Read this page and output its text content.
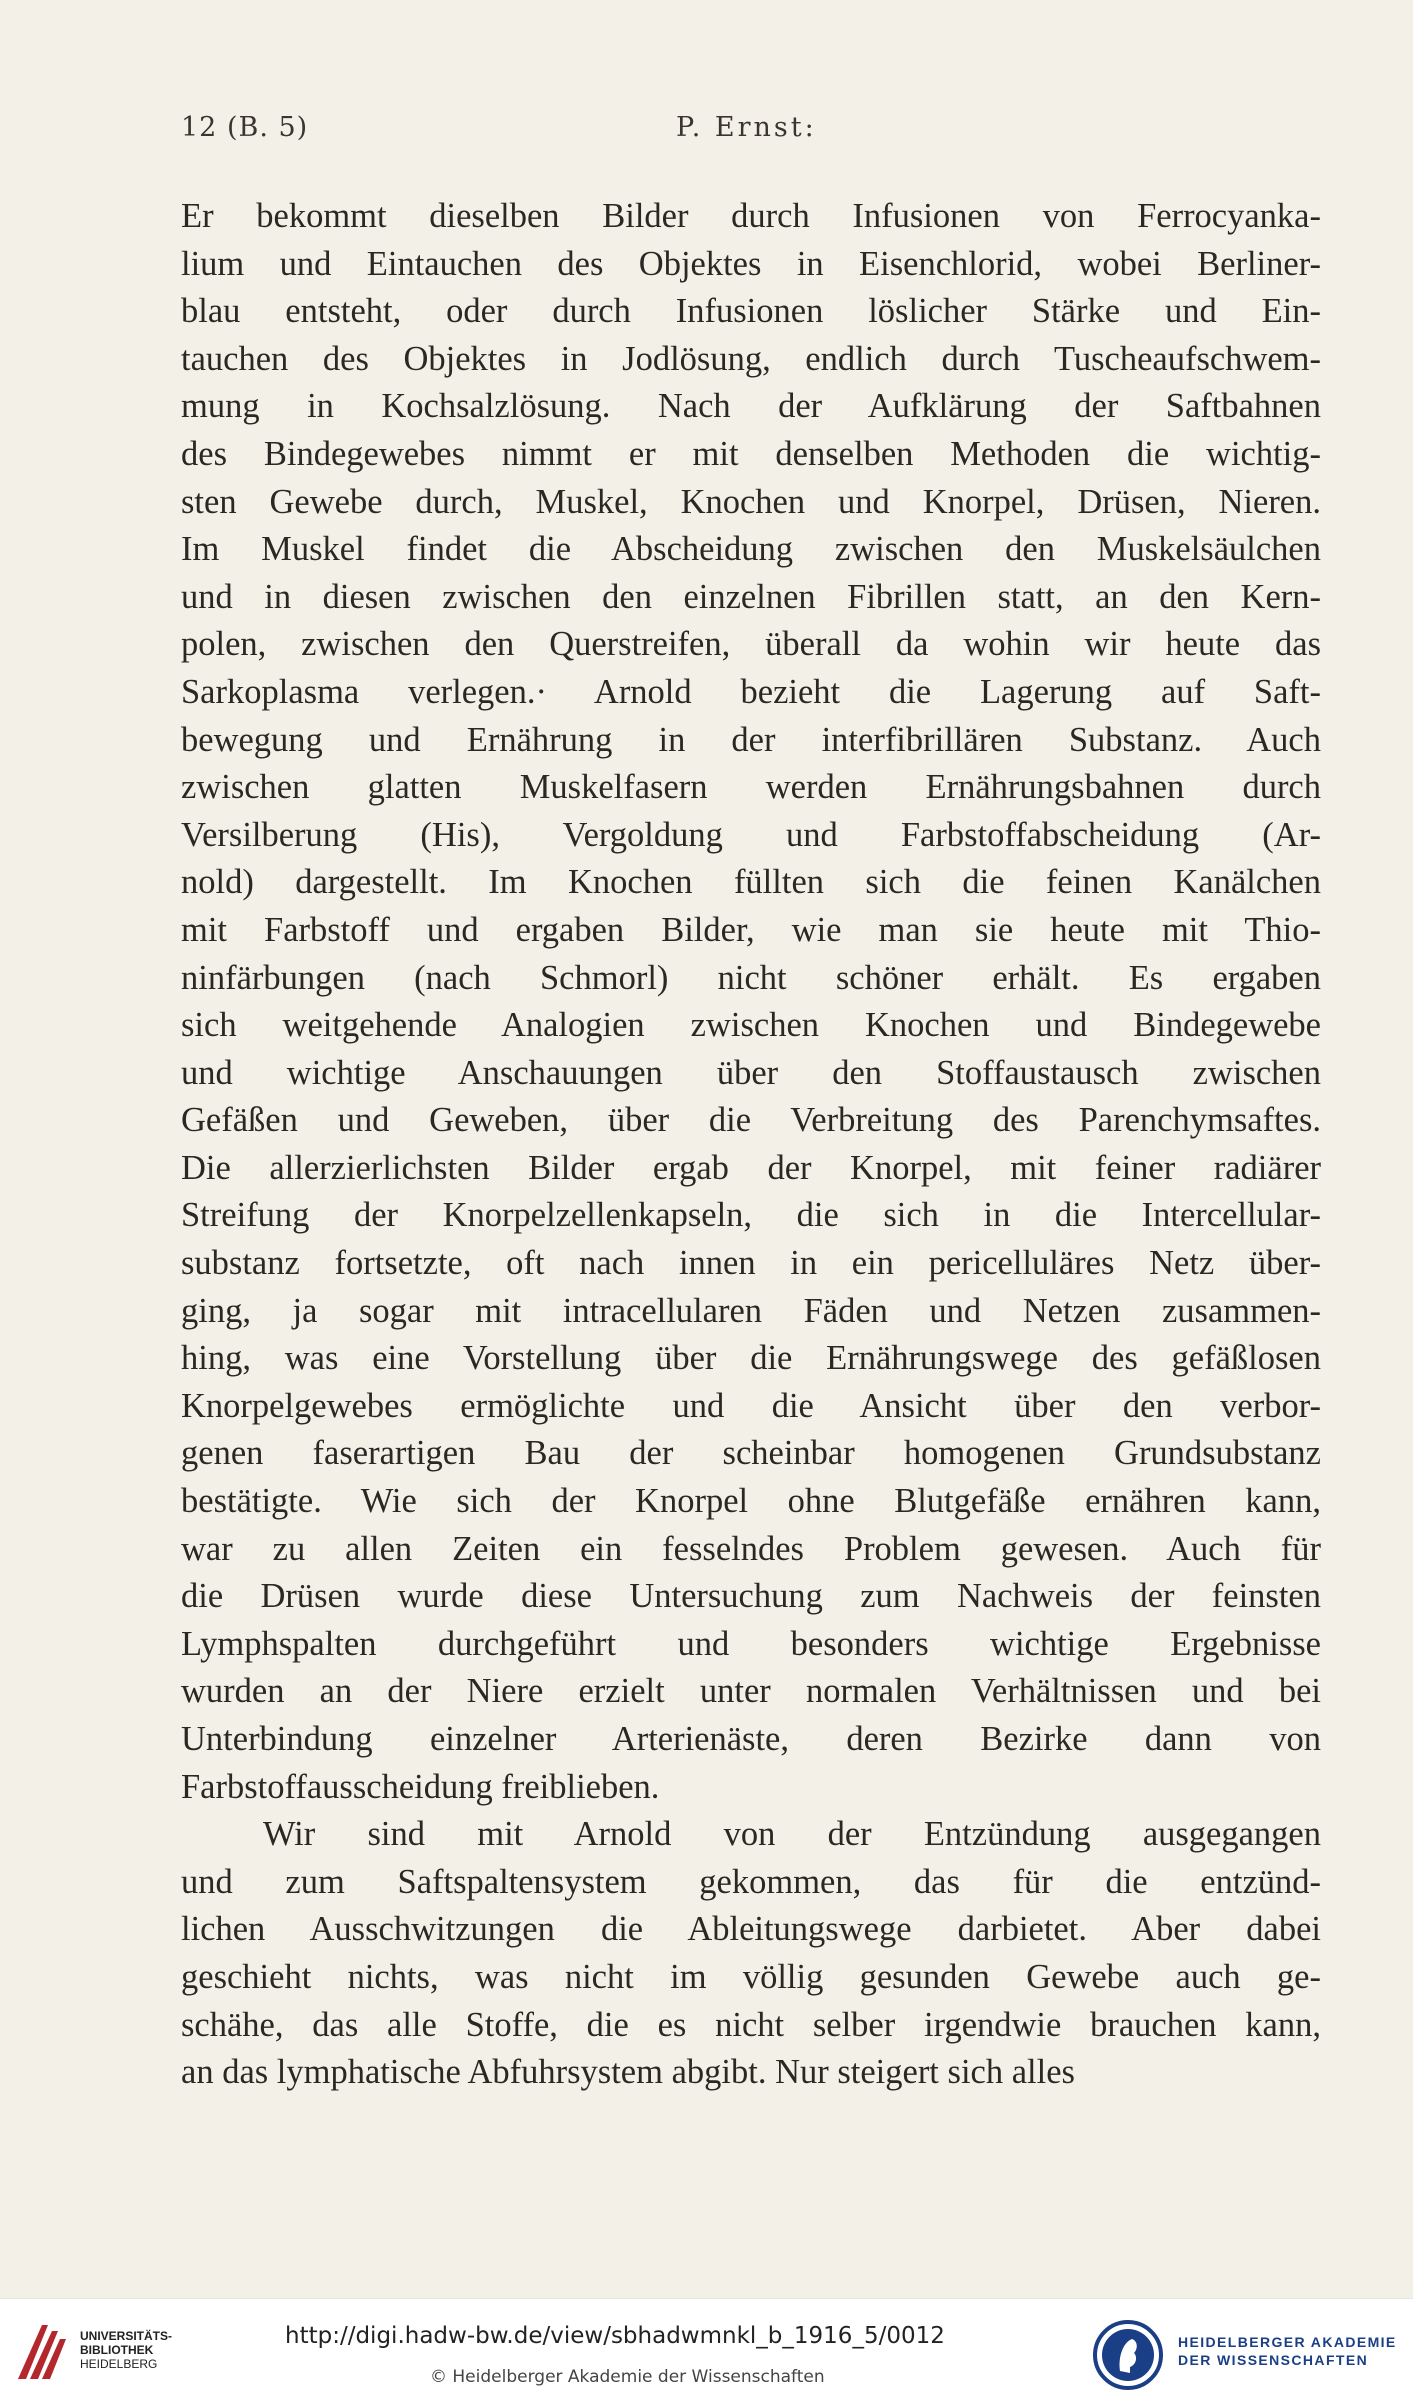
12 (B. 5)	P. Ernst:
Er bekommt dieselben Bilder durch Infusionen von Ferrocyanka-
lium und Eintauchen des Objektes in Eisenchlorid, wobei Berliner-
blau entsteht, oder durch Infusionen löslicher Stärke und Ein-
tauchen des Objektes in Jodlösung, endlich durch Tuscheaufschwem-
mung in Kochsalzlösung. Nach der Aufklärung der Saftbahnen
des Bindegewebes nimmt er mit denselben Methoden die wichtig-
sten Gewebe durch, Muskel, Knochen und Knorpel, Drüsen, Nieren.
Im Muskel findet die Abscheidung zwischen den Muskelsäulchen
und in diesen zwischen den einzelnen Fibrillen statt, an den Kern-
polen, zwischen den Querstreifen, überall da wohin wir heute das
Sarkoplasma verlegen.· Arnold bezieht die Lagerung auf Saft-
bewegung und Ernährung in der interfibrillären Substanz. Auch
zwischen glatten Muskelfasern werden Ernährungsbahnen durch
Versilberung (His), Vergoldung und Farbstoffabscheidung (Ar-
nold) dargestellt. Im Knochen füllten sich die feinen Kanälchen
mit Farbstoff und ergaben Bilder, wie man sie heute mit Thio-
ninfärbungen (nach Schmorl) nicht schöner erhält. Es ergaben
sich weitgehende Analogien zwischen Knochen und Bindegewebe
und wichtige Anschauungen über den Stoffaustausch zwischen
Gefäßen und Geweben, über die Verbreitung des Parenchymsaftes.
Die allerzierlichsten Bilder ergab der Knorpel, mit feiner radiärer
Streifung der Knorpelzellenkapseln, die sich in die Intercellular-
substanz fortsetzte, oft nach innen in ein pericelluläres Netz über-
ging, ja sogar mit intracellularen Fäden und Netzen zusammen-
hing, was eine Vorstellung über die Ernährungswege des gefäßlosen
Knorpelgewebes ermöglichte und die Ansicht über den verbor-
genen faserartigen Bau der scheinbar homogenen Grundsubstanz
bestätigte. Wie sich der Knorpel ohne Blutgefäße ernähren kann,
war zu allen Zeiten ein fesselndes Problem gewesen. Auch für
die Drüsen wurde diese Untersuchung zum Nachweis der feinsten
Lymphspalten durchgeführt und besonders wichtige Ergebnisse
wurden an der Niere erzielt unter normalen Verhältnissen und bei
Unterbindung einzelner Arterienäste, deren Bezirke dann von
Farbstoffausscheidung freiblieben.
Wir sind mit Arnold von der Entzündung ausgegangen
und zum Saftspaltensystem gekommen, das für die entzünd-
lichen Ausschwitzungen die Ableitungswege darbietet. Aber dabei
geschieht nichts, was nicht im völlig gesunden Gewebe auch ge-
schähe, das alle Stoffe, die es nicht selber irgendwie brauchen kann,
an das lymphatische Abfuhrsystem abgibt. Nur steigert sich alles
UNIVERSITÄTS-
BIBLIOTHEK
HEIDELBERG
http://digi.hadw-bw.de/view/sbhadwmnkl_b_1916_5/0012
© Heidelberger Akademie der Wissenschaften
HEIDELBERGER AKADEMIE
DER WISSENSCHAFTEN
